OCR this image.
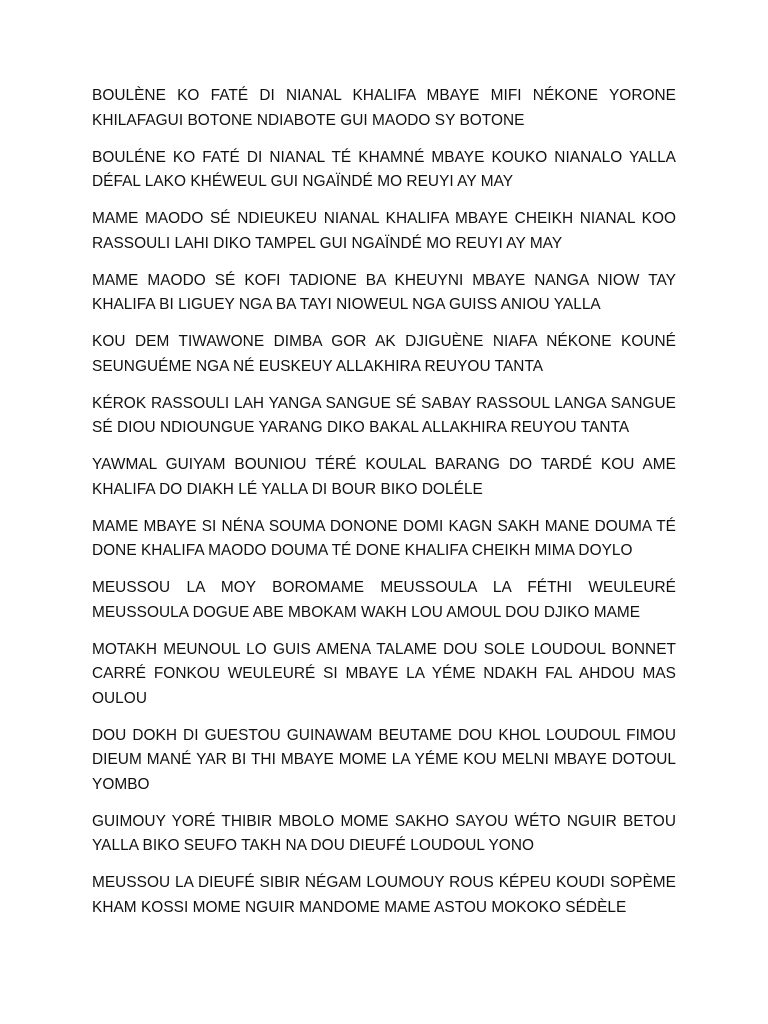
BOULÈNE KO FATÉ DI NIANAL KHALIFA MBAYE MIFI NÉKONE YORONE KHILAFAGUI BOTONE NDIABOTE GUI MAODO SY BOTONE

BOULÉNE KO FATÉ DI NIANAL TÉ KHAMNÉ MBAYE KOUKO NIANALO YALLA DÉFAL LAKO KHÉWEUL GUI NGAÏNDÉ MO REUYI AY MAY

MAME MAODO SÉ NDIEUKEU NIANAL KHALIFA MBAYE CHEIKH NIANAL KOO RASSOULI LAHI DIKO TAMPEL GUI NGAÏNDÉ MO REUYI AY MAY

MAME MAODO SÉ KOFI TADIONE BA KHEUYNI MBAYE NANGA NIOW TAY KHALIFA BI LIGUEY NGA BA TAYI NIOWEUL NGA GUISS ANIOU YALLA

KOU DEM TIWAWONE DIMBA GOR AK DJIGUÈNE NIAFA NÉKONE KOUNÉ SEUNGUÉME NGA NÉ EUSKEUY ALLAKHIRA REUYOU TANTA

KÉROK RASSOULI LAH YANGA SANGUE SÉ SABAY RASSOUL LANGA SANGUE SÉ DIOU NDIOUNGUE YARANG DIKO BAKAL ALLAKHIRA REUYOU TANTA

YAWMAL GUIYAM BOUNIOU TÉRÉ KOULAL BARANG DO TARDÉ KOU AME KHALIFA DO DIAKH LÉ YALLA DI BOUR BIKO DOLÉLE

MAME MBAYE SI NÉNA SOUMA DONONE DOMI KAGN SAKH MANE DOUMA TÉ DONE KHALIFA MAODO DOUMA TÉ DONE KHALIFA CHEIKH MIMA DOYLO

MEUSSOU LA MOY BOROMAME MEUSSOULA LA FÉTHI WEULEURÉ MEUSSOULA DOGUE ABE MBOKAM WAKH LOU AMOUL DOU DJIKO MAME

MOTAKH MEUNOUL LO GUIS AMENA TALAME DOU SOLE LOUDOUL BONNET CARRÉ FONKOU WEULEURÉ SI MBAYE LA YÉME NDAKH FAL AHDOU MAS OULOU

DOU DOKH DI GUESTOU GUINAWAM BEUTAME DOU KHOL LOUDOUL FIMOU DIEUM MANÉ YAR BI THI MBAYE MOME LA YÉME KOU MELNI MBAYE DOTOUL YOMBO

GUIMOUY YORÉ THIBIR MBOLO MOME SAKHO SAYOU WÉTO NGUIR BETOU YALLA BIKO SEUFO TAKH NA DOU DIEUFÉ LOUDOUL YONO

MEUSSOU LA DIEUFÉ SIBIR NÉGAM LOUMOUY ROUS KÉPEU KOUDI SOPÈME KHAM KOSSI MOME NGUIR MANDOME MAME ASTOU MOKOKO SÉDÈLE
